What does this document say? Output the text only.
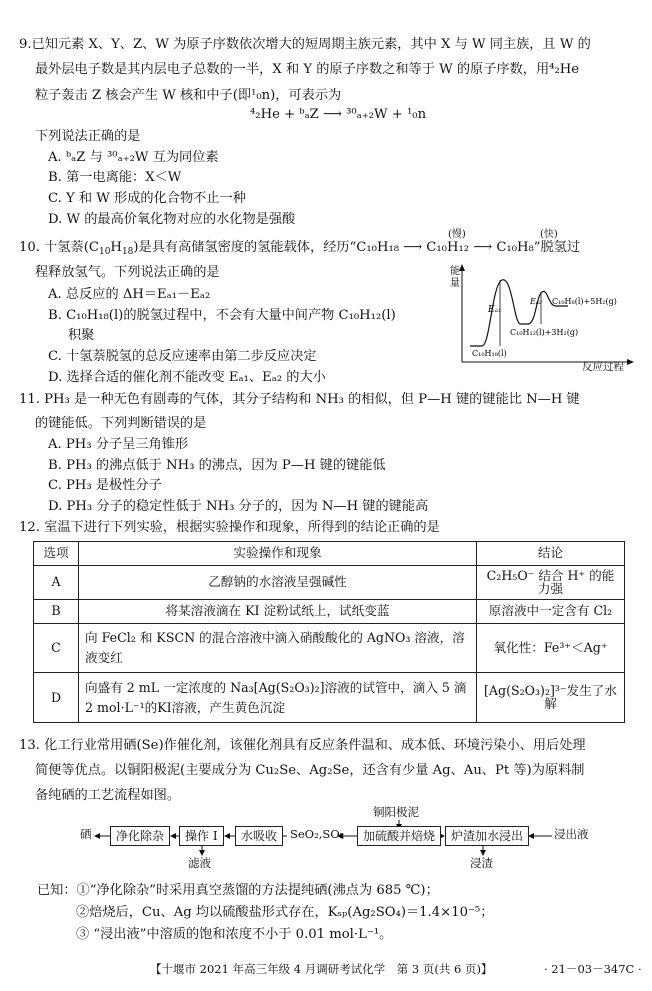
9.已知元素 X、Y、Z、W 为原子序数依次增大的短周期主族元素，其中 X 与 W 同主族，且 W 的
最外层电子数是其内层电子总数的一半，X 和 Y 的原子序数之和等于 W 的原子序数，用⁴₂He
粒子轰击 Z 核会产生 W 核和中子(即¹₀n)，可表示为
⁴₂He + ᵇₐZ ⟶ ³⁰ₐ₊₂W + ¹₀n
下列说法正确的是
A. ᵇₐZ 与 ³⁰ₐ₊₂W 互为同位素
B. 第一电离能：X＜W
C. Y 和 W 形成的化合物不止一种
D. W 的最高价氧化物对应的水化物是强酸
10. 十氢萘$(C_{10}H_{18})$是具有高储氢密度的氢能载体，经历“C₁₀H₁₈ ⟶ C₁₀H₁₂ ⟶ C₁₀H₈”脱氢过
(慢)	(快)
程释放氢气。下列说法正确的是
A. 总反应的 ΔH＝Eₐ₁－Eₐ₂
B. C₁₀H₁₈(l)的脱氢过程中，不会有大量中间产物 C₁₀H₁₂(l)
积聚
C. 十氢萘脱氢的总反应速率由第二步反应决定
D. 选择合适的催化剂不能改变 Eₐ₁、Eₐ₂ 的大小
能
量
Eₐ₁
Eₐ₂ C₁₀H₈(l)+5H₂(g)
C₁₀H₁₂(l)+3H₂(g)
C₁₀H₁₈(l)
反应过程
11. PH₃ 是一种无色有剧毒的气体，其分子结构和 NH₃ 的相似，但 P—H 键的键能比 N—H 键
的键能低。下列判断错误的是
A. PH₃ 分子呈三角锥形
B. PH₃ 的沸点低于 NH₃ 的沸点，因为 P—H 键的键能低
C. PH₃ 是极性分子
D. PH₃ 分子的稳定性低于 NH₃ 分子的，因为 N—H 键的键能高
12. 室温下进行下列实验，根据实验操作和现象，所得到的结论正确的是
选项	实验操作和现象	结论
A	乙醇钠的水溶液呈强碱性	C₂H₅O⁻ 结合 H⁺ 的能力强
B	将某溶液滴在 KI 淀粉试纸上，试纸变蓝	原溶液中一定含有 Cl₂
C	向 FeCl₂ 和 KSCN 的混合溶液中滴入硝酸酸化的 AgNO₃ 溶液，溶液变红	氧化性：Fe³⁺＜Ag⁺
D	向盛有 2 mL 一定浓度的 Na₃[Ag(S₂O₃)₂]溶液的试管中，滴入 5 滴 2 mol·L⁻¹的KI溶液，产生黄色沉淀	[Ag(S₂O₃)₂]³⁻发生了水解
13. 化工行业常用硒(Se)作催化剂，该催化剂具有反应条件温和、成本低、环境污染小、用后处理
简便等优点。以铜阳极泥(主要成分为 Cu₂Se、Ag₂Se，还含有少量 Ag、Au、Pt 等)为原料制
备纯硒的工艺流程如图。
铜阳极泥
硒	净化除杂	操作 I	水吸收	SeO₂,SO₂	加硫酸并焙烧	炉渣加水浸出	浸出液
滤液	浸渣
已知：①“净化除杂”时采用真空蒸馏的方法提纯硒(沸点为 685 ℃)；
②焙烧后，Cu、Ag 均以硫酸盐形式存在，Kₛₚ(Ag₂SO₄)＝1.4×10⁻⁵；
③ “浸出液”中溶质的饱和浓度不小于 0.01 mol·L⁻¹。
【十堰市 2021 年高三年级 4 月调研考试化学　第 3 页(共 6 页)】	· 21－03－347C ·
